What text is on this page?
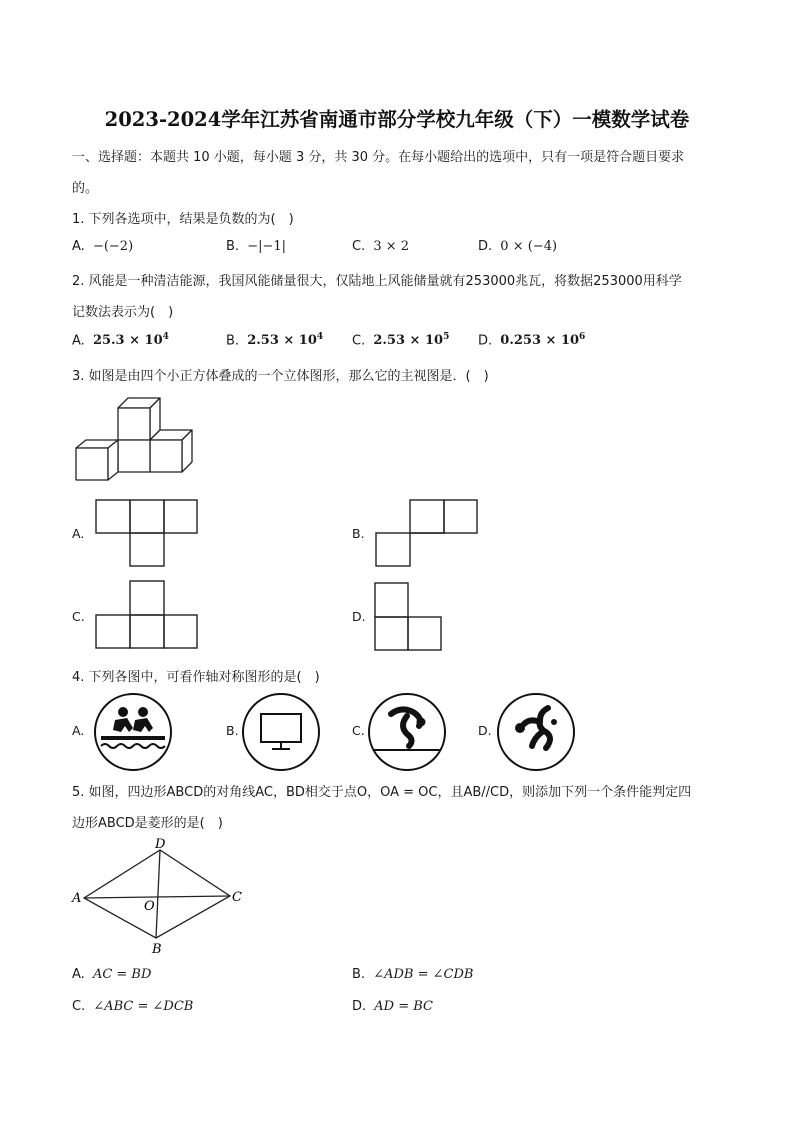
2023-2024学年江苏省南通市部分学校九年级（下）一模数学试卷
一、选择题：本题共 10 小题，每小题 3 分，共 30 分。在每小题给出的选项中，只有一项是符合题目要求
的。
1. 下列各选项中，结果是负数的为(　)
A. −(−2)	B. −|−1|	C. 3 × 2	D. 0 × (−4)
2. 风能是一种清洁能源，我国风能储量很大，仅陆地上风能储量就有253000兆瓦，将数据253000用科学
记数法表示为(　)
A. $25.3 \times 10^4$	B. $2.53 \times 10^4$ C. $2.53 \times 10^5$ D. $0.253 \times 10^6$
3. 如图是由四个小正方体叠成的一个立体图形，那么它的主视图是．(　)
A.	B.
C.	D.
4. 下列各图中，可看作轴对称图形的是(　)
A.	B.	C.	D.
5. 如图，四边形ABCD的对角线AC，BD相交于点O，OA = OC，且AB//CD，则添加下列一个条件能判定四
边形ABCD是菱形的是(　)
A
D
C
B
O
A. AC = BD	B. ∠ADB = ∠CDB
C. ∠ABC = ∠DCB	D. AD = BC
